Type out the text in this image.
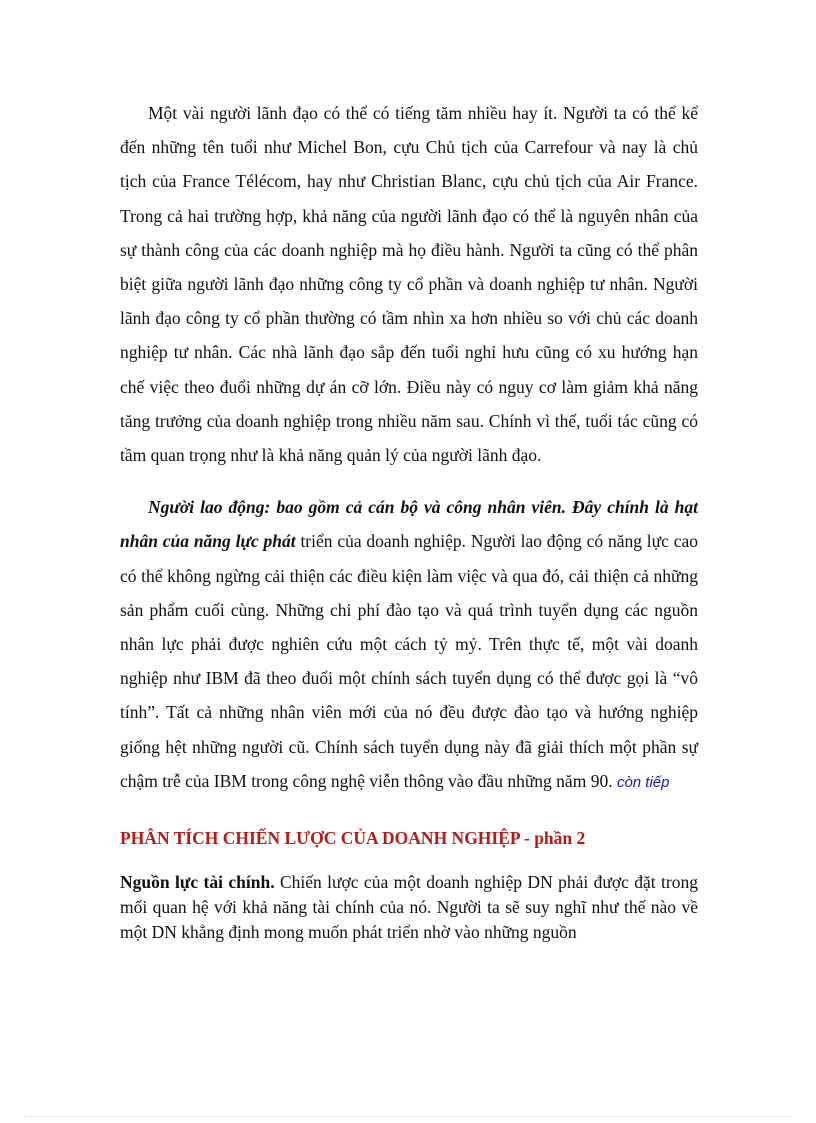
Một vài người lãnh đạo có thể có tiếng tăm nhiều hay ít. Người ta có thể kể đến những tên tuổi như Michel Bon, cựu Chủ tịch của Carrefour và nay là chủ tịch của France Télécom, hay như Christian Blanc, cựu chủ tịch của Air France. Trong cả hai trường hợp, khả năng của người lãnh đạo có thể là nguyên nhân của sự thành công của các doanh nghiệp mà họ điều hành. Người ta cũng có thể phân biệt giữa người lãnh đạo những công ty cổ phần và doanh nghiệp tư nhân. Người lãnh đạo công ty cổ phần thường có tầm nhìn xa hơn nhiều so với chủ các doanh nghiệp tư nhân. Các nhà lãnh đạo sắp đến tuổi nghỉ hưu cũng có xu hướng hạn chế việc theo đuổi những dự án cỡ lớn. Điều này có nguy cơ làm giảm khả năng tăng trưởng của doanh nghiệp trong nhiều năm sau. Chính vì thế, tuổi tác cũng có tầm quan trọng như là khả năng quản lý của người lãnh đạo.

Người lao động: bao gồm cả cán bộ và công nhân viên. Đây chính là hạt nhân của năng lực phát triển của doanh nghiệp. Người lao động có năng lực cao có thể không ngừng cải thiện các điều kiện làm việc và qua đó, cải thiện cả những sản phẩm cuối cùng. Những chi phí đào tạo và quá trình tuyển dụng các nguồn nhân lực phải được nghiên cứu một cách tỷ mỷ. Trên thực tế, một vài doanh nghiệp như IBM đã theo đuổi một chính sách tuyển dụng có thể được gọi là “vô tính”. Tất cả những nhân viên mới của nó đều được đào tạo và hướng nghiệp giống hệt những người cũ. Chính sách tuyển dụng này đã giải thích một phần sự chậm trễ của IBM trong công nghệ viễn thông vào đầu những năm 90. còn tiếp

PHÂN TÍCH CHIẾN LƯỢC CỦA DOANH NGHIỆP - phần 2

Nguồn lực tài chính. Chiến lược của một doanh nghiệp DN phải được đặt trong mối quan hệ với khả năng tài chính của nó. Người ta sẽ suy nghĩ như thế nào về một DN khẳng định mong muốn phát triển nhờ vào những nguồn
